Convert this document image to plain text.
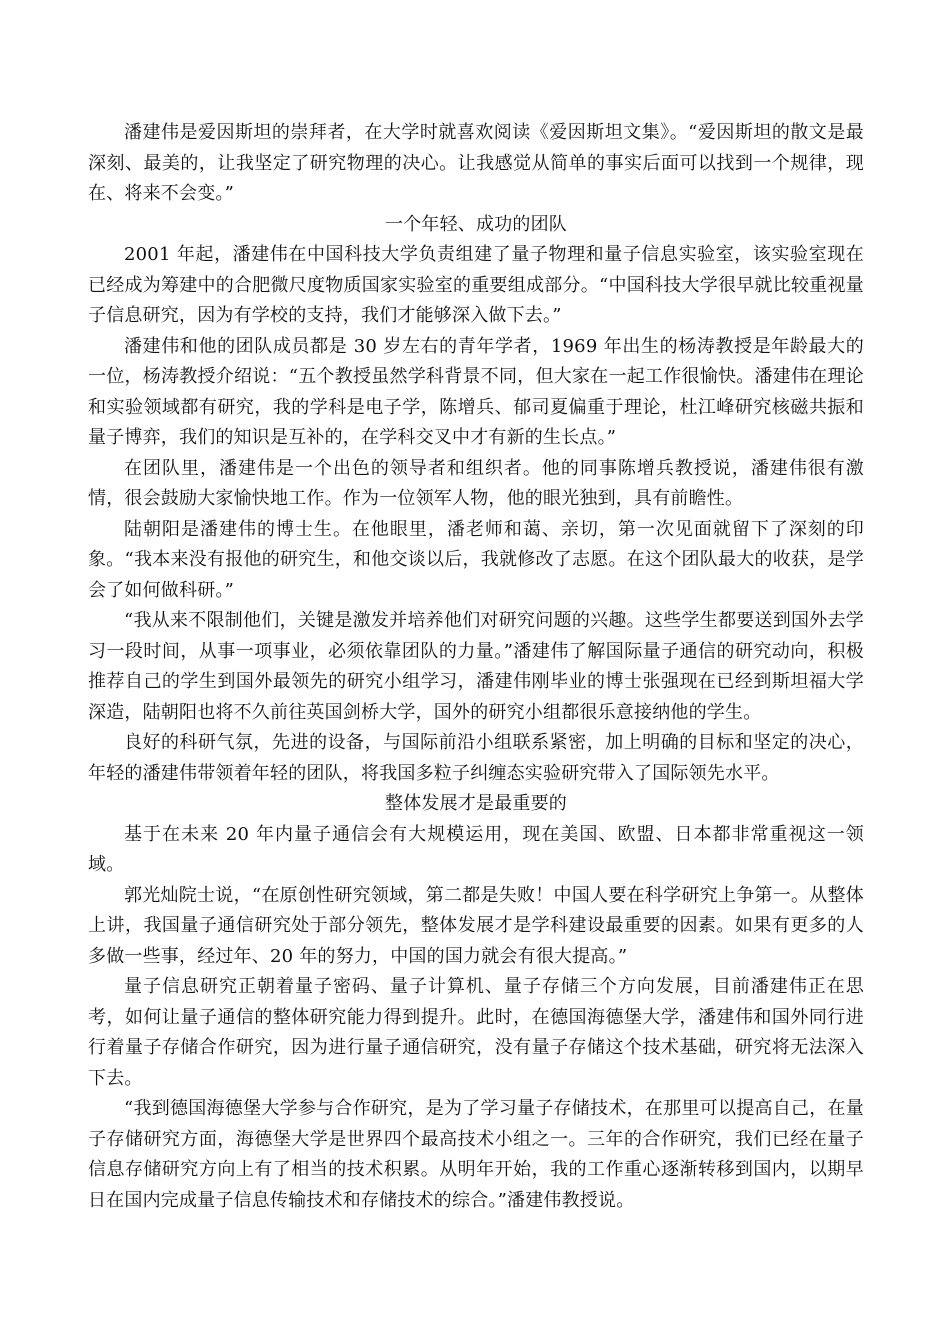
潘建伟是爱因斯坦的崇拜者，在大学时就喜欢阅读《爱因斯坦文集》。“爱因斯坦的散文是最深刻、最美的，让我坚定了研究物理的决心。让我感觉从简单的事实后面可以找到一个规律，现在、将来不会变。”

一个年轻、成功的团队

2001 年起，潘建伟在中国科技大学负责组建了量子物理和量子信息实验室，该实验室现在已经成为筹建中的合肥微尺度物质国家实验室的重要组成部分。“中国科技大学很早就比较重视量子信息研究，因为有学校的支持，我们才能够深入做下去。”

潘建伟和他的团队成员都是 30 岁左右的青年学者，1969 年出生的杨涛教授是年龄最大的一位，杨涛教授介绍说：“五个教授虽然学科背景不同，但大家在一起工作很愉快。潘建伟在理论和实验领域都有研究，我的学科是电子学，陈增兵、郁司夏偏重于理论，杜江峰研究核磁共振和量子博弈，我们的知识是互补的，在学科交叉中才有新的生长点。”

在团队里，潘建伟是一个出色的领导者和组织者。他的同事陈增兵教授说，潘建伟很有激情，很会鼓励大家愉快地工作。作为一位领军人物，他的眼光独到，具有前瞻性。

陆朝阳是潘建伟的博士生。在他眼里，潘老师和蔼、亲切，第一次见面就留下了深刻的印象。“我本来没有报他的研究生，和他交谈以后，我就修改了志愿。在这个团队最大的收获，是学会了如何做科研。”

“我从来不限制他们，关键是激发并培养他们对研究问题的兴趣。这些学生都要送到国外去学习一段时间，从事一项事业，必须依靠团队的力量。”潘建伟了解国际量子通信的研究动向，积极推荐自己的学生到国外最领先的研究小组学习，潘建伟刚毕业的博士张强现在已经到斯坦福大学深造，陆朝阳也将不久前往英国剑桥大学，国外的研究小组都很乐意接纳他的学生。

良好的科研气氛，先进的设备，与国际前沿小组联系紧密，加上明确的目标和坚定的决心，年轻的潘建伟带领着年轻的团队，将我国多粒子纠缠态实验研究带入了国际领先水平。

整体发展才是最重要的

基于在未来 20 年内量子通信会有大规模运用，现在美国、欧盟、日本都非常重视这一领域。

郭光灿院士说，“在原创性研究领域，第二都是失败！中国人要在科学研究上争第一。从整体上讲，我国量子通信研究处于部分领先，整体发展才是学科建设最重要的因素。如果有更多的人多做一些事，经过年、20 年的努力，中国的国力就会有很大提高。”

量子信息研究正朝着量子密码、量子计算机、量子存储三个方向发展，目前潘建伟正在思考，如何让量子通信的整体研究能力得到提升。此时，在德国海德堡大学，潘建伟和国外同行进行着量子存储合作研究，因为进行量子通信研究，没有量子存储这个技术基础，研究将无法深入下去。

“我到德国海德堡大学参与合作研究，是为了学习量子存储技术，在那里可以提高自己，在量子存储研究方面，海德堡大学是世界四个最高技术小组之一。三年的合作研究，我们已经在量子信息存储研究方向上有了相当的技术积累。从明年开始，我的工作重心逐渐转移到国内，以期早日在国内完成量子信息传输技术和存储技术的综合。”潘建伟教授说。
